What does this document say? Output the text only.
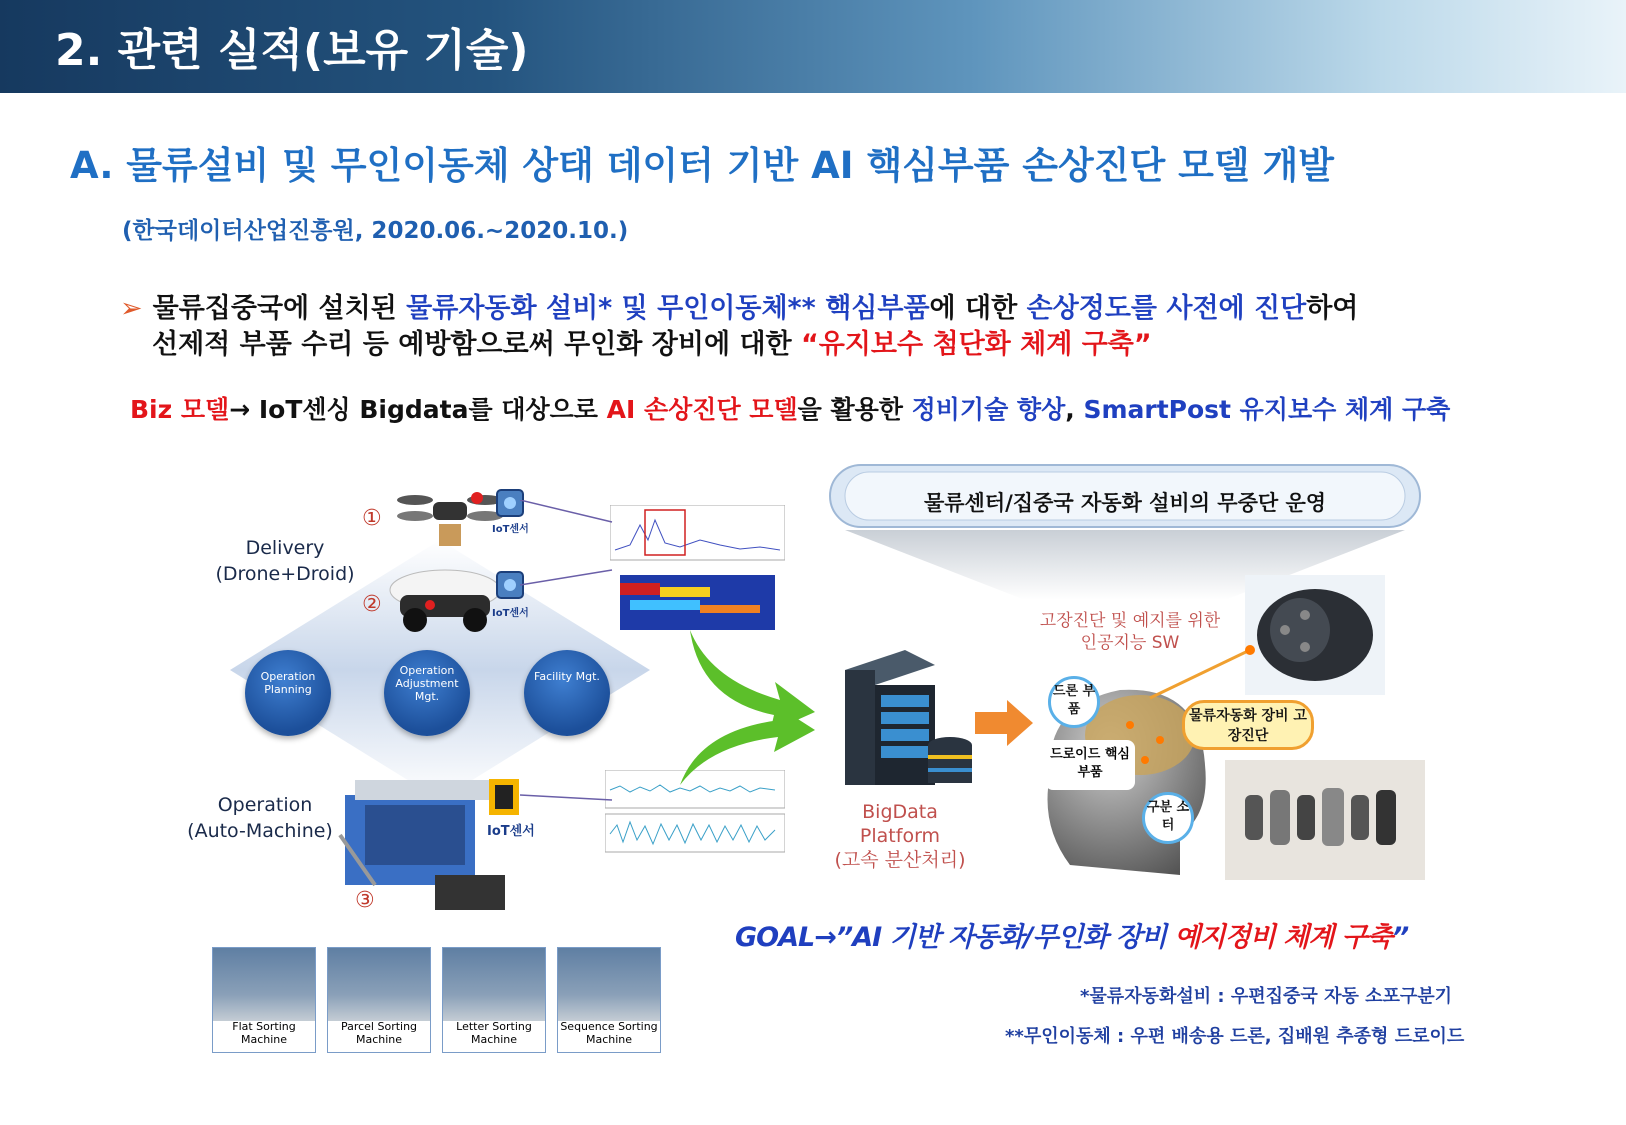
2. 관련 실적(보유 기술)
A. 물류설비 및 무인이동체 상태 데이터 기반 AI 핵심부품 손상진단 모델 개발
(한국데이터산업진흥원, 2020.06.~2020.10.)
➢ 물류집중국에 설치된 물류자동화 설비* 및 무인이동체** 핵심부품에 대한 손상정도를 사전에 진단하여
선제적 부품 수리 등 예방함으로써 무인화 장비에 대한 “유지보수 첨단화 체계 구축”
Biz 모델→ IoT센싱 Bigdata를 대상으로 AI 손상진단 모델을 활용한 정비기술 향상, SmartPost 유지보수 체계 구축
①
②
③
IoT센서
IoT센서
Delivery
(Drone+Droid)
Operation Planning
Operation Adjustment Mgt.
Facility Mgt.
Operation
(Auto-Machine)	IoT센서
Flat Sorting Machine
Parcel Sorting Machine
Letter Sorting Machine
Sequence Sorting Machine
물류센터/집중국 자동화 설비의 무중단 운영
BigData
Platform
(고속 분산처리)
고장진단 및 예지를 위한
인공지능 SW
드론 부품
드로이드 핵심부품
구분 소터
물류자동화 장비 고장진단
GOAL→”AI 기반 자동화/무인화 장비 예지정비 체계 구축”
*물류자동화설비 : 우편집중국 자동 소포구분기
**무인이동체 : 우편 배송용 드론, 집배원 추종형 드로이드
